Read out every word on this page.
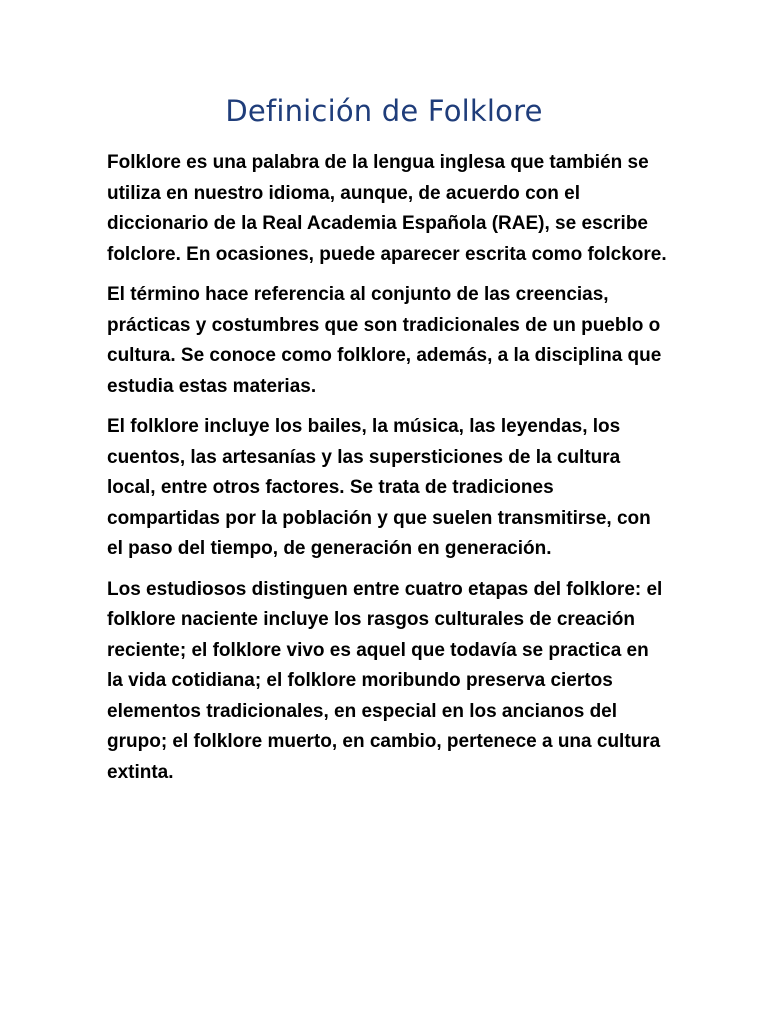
Definición de Folklore

Folklore es una palabra de la lengua inglesa que también se utiliza en nuestro idioma, aunque, de acuerdo con el diccionario de la Real Academia Española (RAE), se escribe folclore. En ocasiones, puede aparecer escrita como folckore.

El término hace referencia al conjunto de las creencias, prácticas y costumbres que son tradicionales de un pueblo o cultura. Se conoce como folklore, además, a la disciplina que estudia estas materias.

El folklore incluye los bailes, la música, las leyendas, los cuentos, las artesanías y las supersticiones de la cultura local, entre otros factores. Se trata de tradiciones compartidas por la población y que suelen transmitirse, con el paso del tiempo, de generación en generación.

Los estudiosos distinguen entre cuatro etapas del folklore: el folklore naciente incluye los rasgos culturales de creación reciente; el folklore vivo es aquel que todavía se practica en la vida cotidiana; el folklore moribundo preserva ciertos elementos tradicionales, en especial en los ancianos del grupo; el folklore muerto, en cambio, pertenece a una cultura extinta.
